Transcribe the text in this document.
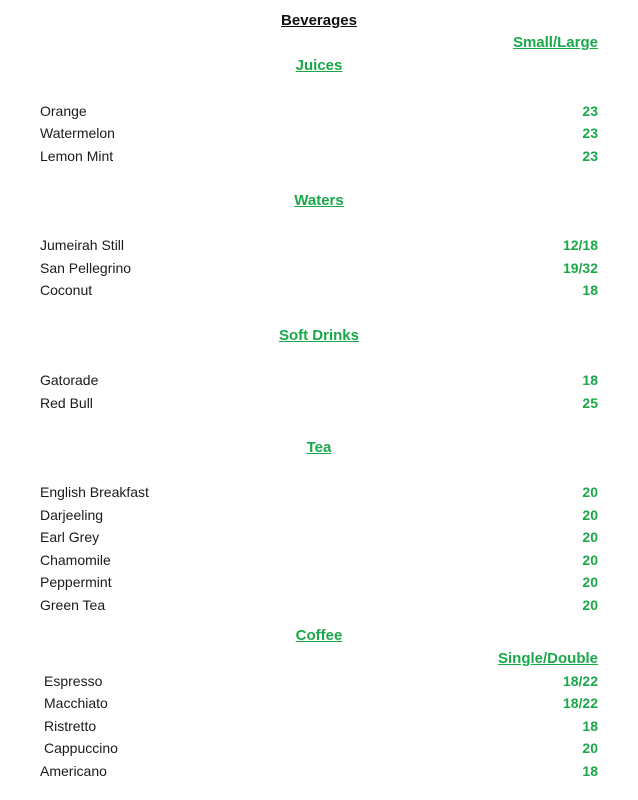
Beverages
Small/Large
Juices
Orange	23
Watermelon	23
Lemon Mint	23
Waters
Jumeirah Still	12/18
San Pellegrino	19/32
Coconut	18
Soft Drinks
Gatorade	18
Red Bull	25
Tea
English Breakfast	20
Darjeeling	20
Earl Grey	20
Chamomile	20
Peppermint	20
Green Tea	20
Coffee
Single/Double
Espresso	18/22
Macchiato	18/22
Ristretto	18
Cappuccino	20
Americano	18
